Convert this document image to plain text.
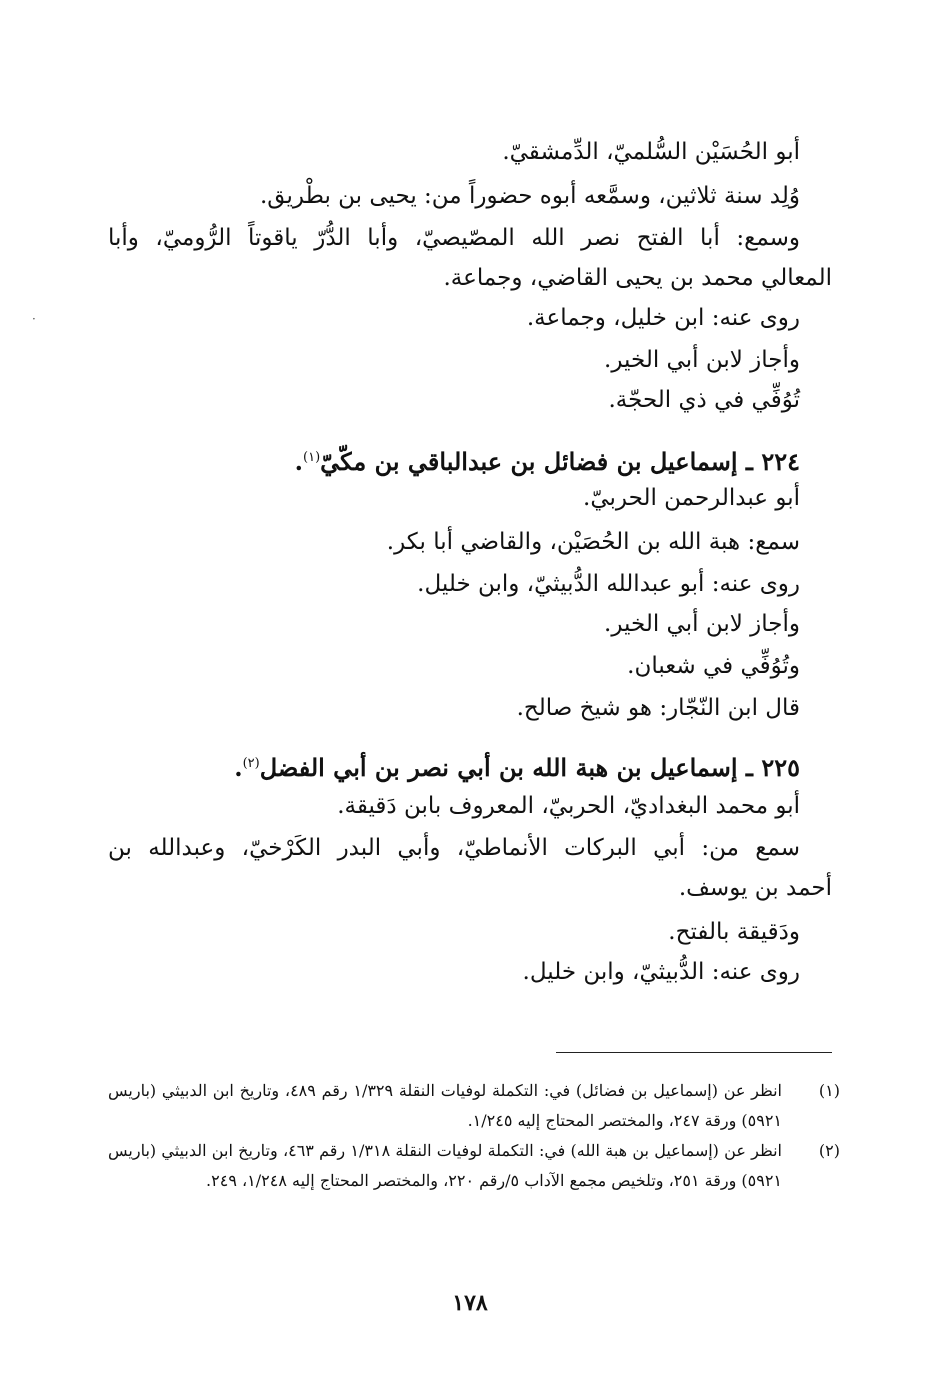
·
أبو الحُسَيْن السُّلميّ، الدِّمشقيّ.
وُلِد سنة ثلاثين، وسمَّعه أبوه حضوراً من: يحيى بن بطْريق.
وسمع: أبا الفتح نصر الله المصّيصيّ، وأبا الدُّرّ ياقوتاً الرُّوميّ، وأبا
المعالي محمد بن يحيى القاضي، وجماعة.
روى عنه: ابن خليل، وجماعة.
وأجاز لابن أبي الخير.
تُوُفِّي في ذي الحجّة.
٢٢٤ ـ إسماعيل بن فضائل بن عبدالباقي بن مكّيّ$^{(١)}$.
أبو عبدالرحمن الحربيّ.
سمع: هبة الله بن الحُصَيْن، والقاضي أبا بكر.
روى عنه: أبو عبدالله الدُّبيثيّ، وابن خليل.
وأجاز لابن أبي الخير.
وتُوُفِّي في شعبان.
قال ابن النّجّار: هو شيخ صالح.
٢٢٥ ـ إسماعيل بن هبة الله بن أبي نصر بن أبي الفضل$^{(٢)}$.
أبو محمد البغداديّ، الحربيّ، المعروف بابن دَقيقة.
سمع من: أبي البركات الأنماطيّ، وأبي البدر الكَرْخيّ، وعبدالله بن
أحمد بن يوسف.
ودَقيقة بالفتح.
روى عنه: الدُّبيثيّ، وابن خليل.
(١)
انظر عن (إسماعيل بن فضائل) في: التكملة لوفيات النقلة ١/٣٢٩ رقم ٤٨٩، وتاريخ ابن الدبيثي (باريس ٥٩٢١) ورقة ٢٤٧، والمختصر المحتاج إليه ١/٢٤٥.
(٢)
انظر عن (إسماعيل بن هبة الله) في: التكملة لوفيات النقلة ١/٣١٨ رقم ٤٦٣، وتاريخ ابن الدبيثي (باريس ٥٩٢١) ورقة ٢٥١، وتلخيص مجمع الآداب ٥/رقم ٢٢٠، والمختصر المحتاج إليه ١/٢٤٨، ٢٤٩.
١٧٨
